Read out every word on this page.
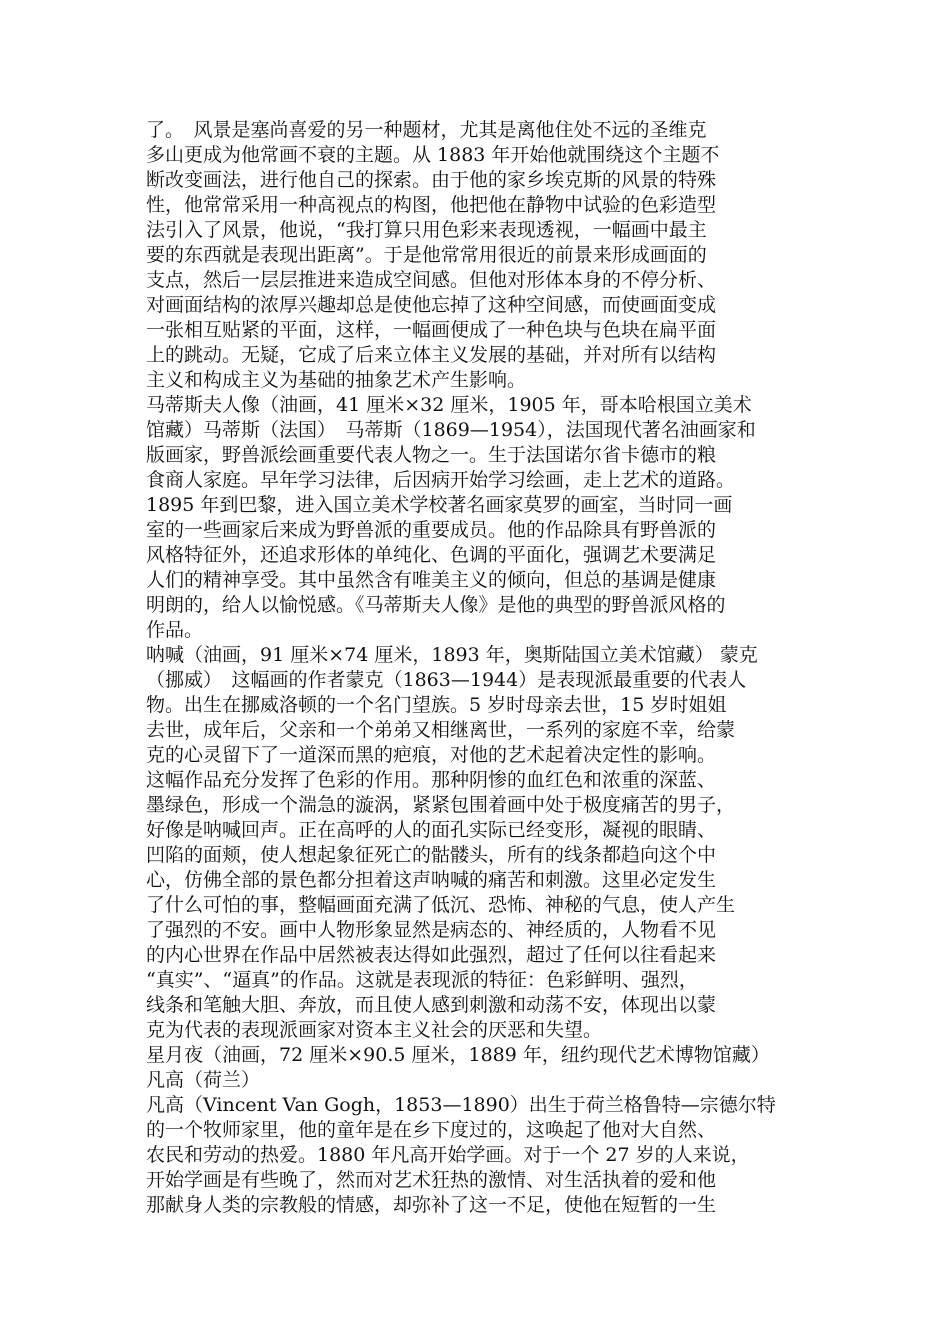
了。　风景是塞尚喜爱的另一种题材，尤其是离他住处不远的圣维克
多山更成为他常画不衰的主题。从 1883 年开始他就围绕这个主题不
断改变画法，进行他自己的探索。由于他的家乡埃克斯的风景的特殊
性，他常常采用一种高视点的构图，他把他在静物中试验的色彩造型
法引入了风景，他说，“我打算只用色彩来表现透视，一幅画中最主
要的东西就是表现出距离”。于是他常常用很近的前景来形成画面的
支点，然后一层层推进来造成空间感。但他对形体本身的不停分析、
对画面结构的浓厚兴趣却总是使他忘掉了这种空间感，而使画面变成
一张相互贴紧的平面，这样，一幅画便成了一种色块与色块在扁平面
上的跳动。无疑，它成了后来立体主义发展的基础，并对所有以结构
主义和构成主义为基础的抽象艺术产生影响。
马蒂斯夫人像（油画，41 厘米×32 厘米，1905 年，哥本哈根国立美术
馆藏）马蒂斯（法国）　马蒂斯（1869—1954），法国现代著名油画家和
版画家，野兽派绘画重要代表人物之一。生于法国诺尔省卡德市的粮
食商人家庭。早年学习法律，后因病开始学习绘画，走上艺术的道路。
1895 年到巴黎，进入国立美术学校著名画家莫罗的画室，当时同一画
室的一些画家后来成为野兽派的重要成员。他的作品除具有野兽派的
风格特征外，还追求形体的单纯化、色调的平面化，强调艺术要满足
人们的精神享受。其中虽然含有唯美主义的倾向，但总的基调是健康
明朗的，给人以愉悦感。《马蒂斯夫人像》是他的典型的野兽派风格的
作品。
呐喊（油画，91 厘米×74 厘米，1893 年，奥斯陆国立美术馆藏） 蒙克
（挪威）　这幅画的作者蒙克（1863—1944）是表现派最重要的代表人
物。出生在挪威洛顿的一个名门望族。5 岁时母亲去世，15 岁时姐姐
去世，成年后，父亲和一个弟弟又相继离世，一系列的家庭不幸，给蒙
克的心灵留下了一道深而黑的疤痕，对他的艺术起着决定性的影响。
这幅作品充分发挥了色彩的作用。那种阴惨的血红色和浓重的深蓝、
墨绿色，形成一个湍急的漩涡，紧紧包围着画中处于极度痛苦的男子，
好像是呐喊回声。正在高呼的人的面孔实际已经变形，凝视的眼睛、
凹陷的面颊，使人想起象征死亡的骷髅头，所有的线条都趋向这个中
心，仿佛全部的景色都分担着这声呐喊的痛苦和刺激。这里必定发生
了什么可怕的事，整幅画面充满了低沉、恐怖、神秘的气息，使人产生
了强烈的不安。画中人物形象显然是病态的、神经质的，人物看不见
的内心世界在作品中居然被表达得如此强烈，超过了任何以往看起来
“真实”、“逼真”的作品。这就是表现派的特征：色彩鲜明、强烈，
线条和笔触大胆、奔放，而且使人感到刺激和动荡不安，体现出以蒙
克为代表的表现派画家对资本主义社会的厌恶和失望。
星月夜（油画，72 厘米×90.5 厘米，1889 年，纽约现代艺术博物馆藏）
凡高（荷兰）
凡高（Vincent Van Gogh，1853—1890）出生于荷兰格鲁特—宗德尔特
的一个牧师家里，他的童年是在乡下度过的，这唤起了他对大自然、
农民和劳动的热爱。1880 年凡高开始学画。对于一个 27 岁的人来说，
开始学画是有些晚了，然而对艺术狂热的激情、对生活执着的爱和他
那献身人类的宗教般的情感，却弥补了这一不足，使他在短暂的一生
